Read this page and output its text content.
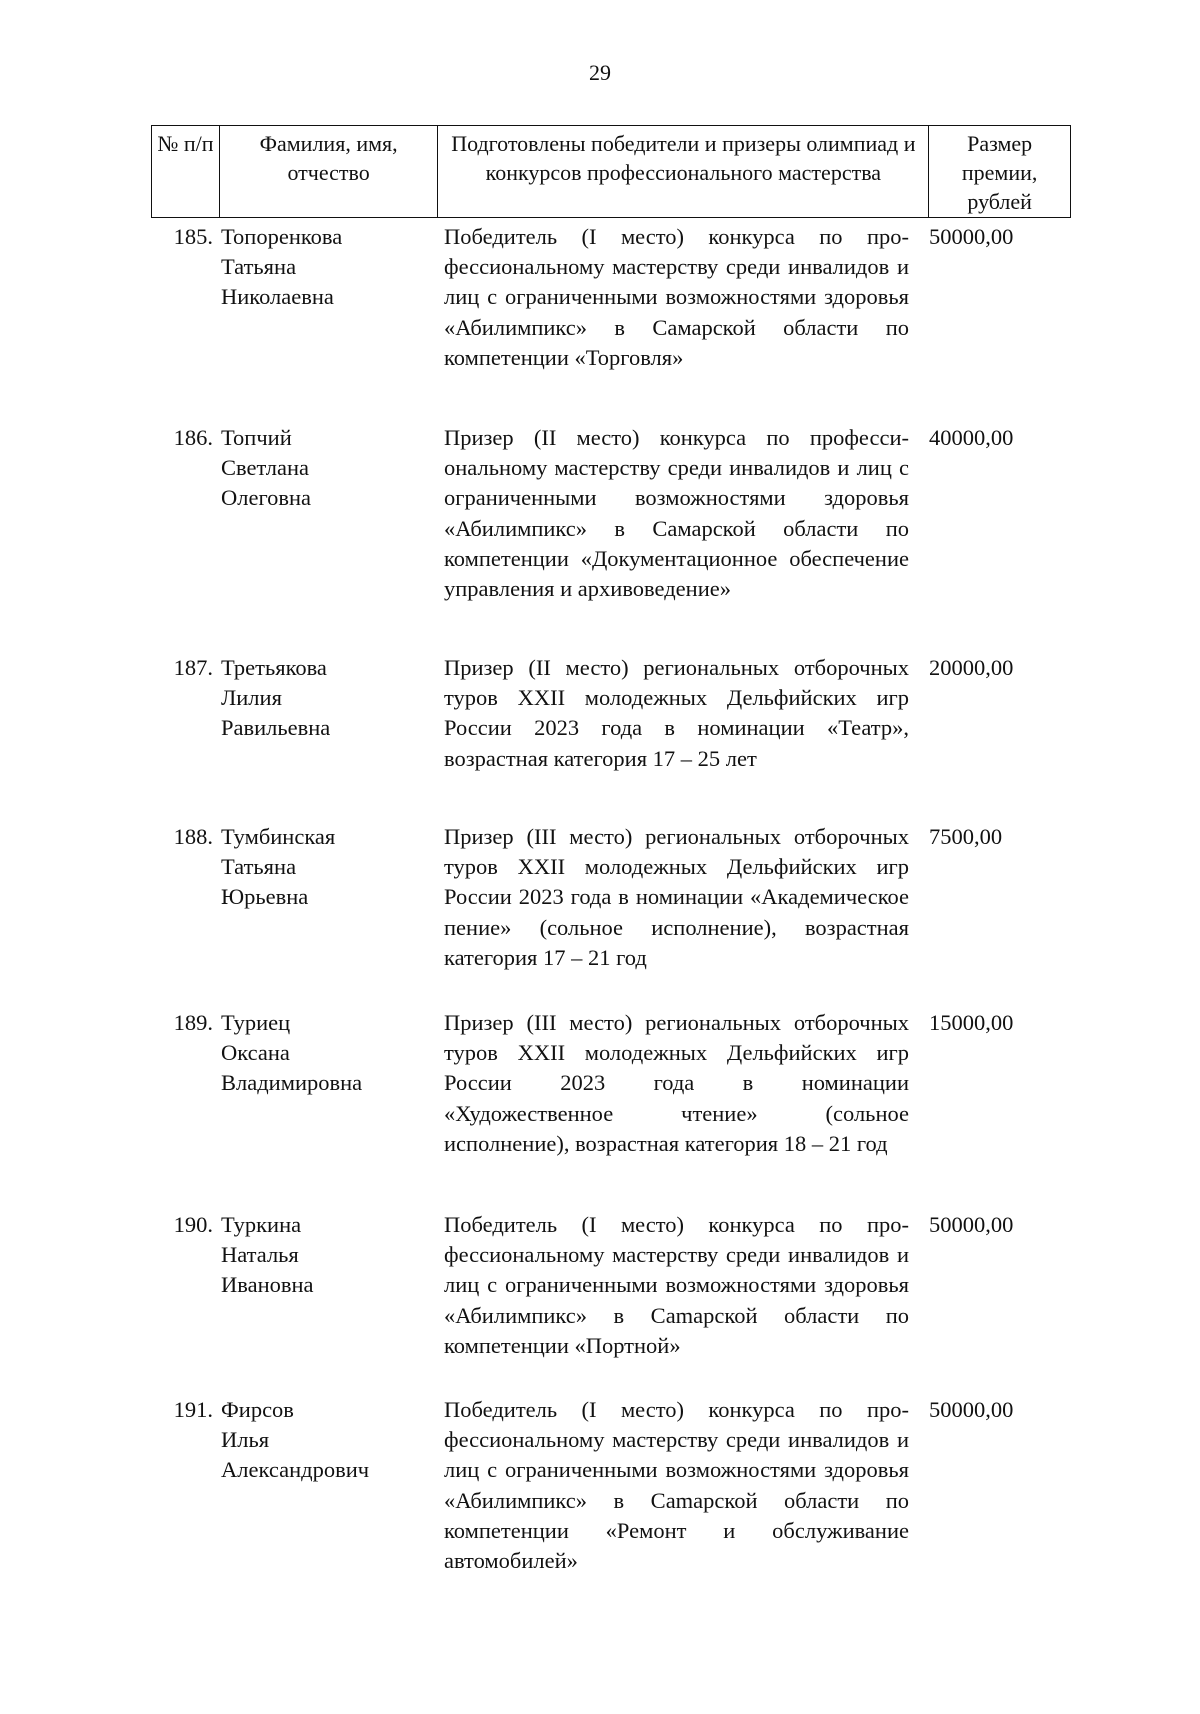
29
№ п/п	Фамилия, имя, отчество
Подготовлены победители и призеры олимпиад и конкурсов профессионального мастерства
Размер премии, рублей
185. Топоренкова
Татьяна
Николаевна
Победитель (I место) конкурса по профессиональному мастерству среди инвалидов и лиц с ограниченными возможностями здоровья «Абилимпикс» в Самарской области по компетенции «Торговля»
50000,00
186. Топчий
Светлана
Олеговна
Призер (II место) конкурса по профессиональному мастерству среди инвалидов и лиц с ограниченными возможностями здоровья «Абилимпикс» в Самарской области по компетенции «Документационное обеспечение управления и архивоведение»
40000,00
187. Третьякова
Лилия
Равильевна
Призер (II место) региональных отборочных туров XXII молодежных Дельфийских игр России 2023 года в номинации «Театр», возрастная категория 17 – 25 лет
20000,00
188. Тумбинская
Татьяна
Юрьевна
Призер (III место) региональных отборочных туров XXII молодежных Дельфийских игр России 2023 года в номинации «Академическое пение» (сольное исполнение), возрастная категория 17 – 21 год
7500,00
189. Туриец
Оксана
Владимировна
Призер (III место) региональных отборочных туров XXII молодежных Дельфийских игр России 2023 года в номинации «Художественное чтение» (сольное исполнение), возрастная категория 18 – 21 год
15000,00
190. Туркина
Наталья
Ивановна
Победитель (I место) конкурса по профессиональному мастерству среди инвалидов и лиц с ограниченными возможностями здоровья «Абилимпикс» в Саmарской области по компетенции «Портной»
50000,00
191. Фирсов
Илья
Александрович
Победитель (I место) конкурса по профессиональному мастерству среди инвалидов и лиц с ограниченными возможностями здоровья «Абилимпикс» в Саmарской области по компетенции «Ремонт и обслуживание автомобилей»
50000,00
